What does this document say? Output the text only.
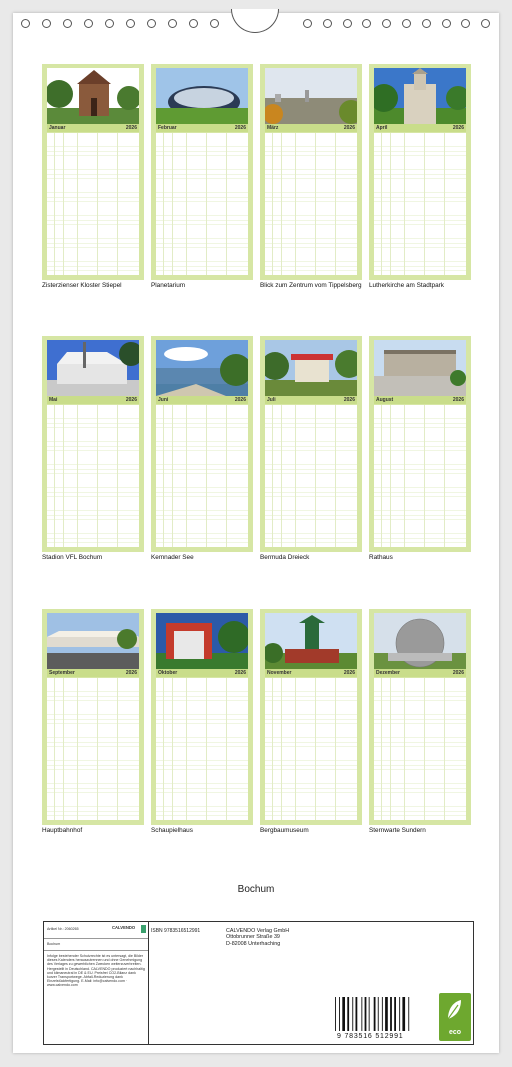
Januar	2026
Zisterzienser Kloster Stiepel
Februar	2026
Planetarium
März	2026
Blick zum Zentrum vom Tippelsberg
April	2026
Lutherkirche am Stadtpark
Mai	2026
Stadion VFL Bochum
Juni	2026
Kemnader See
Juli	2026
Bermuda Dreieck
August	2026
Rathaus
September	2026
Hauptbahnhof
Oktober	2026
Schaupielhaus
November	2026
Bergbaumuseum
Dezember	2026
Sternwarte Sundern
Bochum
Artikel Nr.: 2060265	CALVENDO
Bochum
Infolge bestehender Schutzrechte ist es untersagt, die Bilder dieses Kalenders herauszutrennen und ohne Genehmigung des Verlages zu gewerblichen Zwecken weiterzuverbreiten. Hergestellt in Deutschland. CALVENDO produziert nachhaltig und klimaneutral in DE & EU. Preisfrei CO2-Bilanz dank kurzer Transportwege. Abfall-Reduzierung dank Einzelstückfertigung. E-Mail: info@calvendo.com · www.calvendo.com
ISBN 9783516512991	CALVENDO Verlag GmbH
Ottobrunner Straße 39
D-82008 Unterhaching
9 783516 512991
eco
